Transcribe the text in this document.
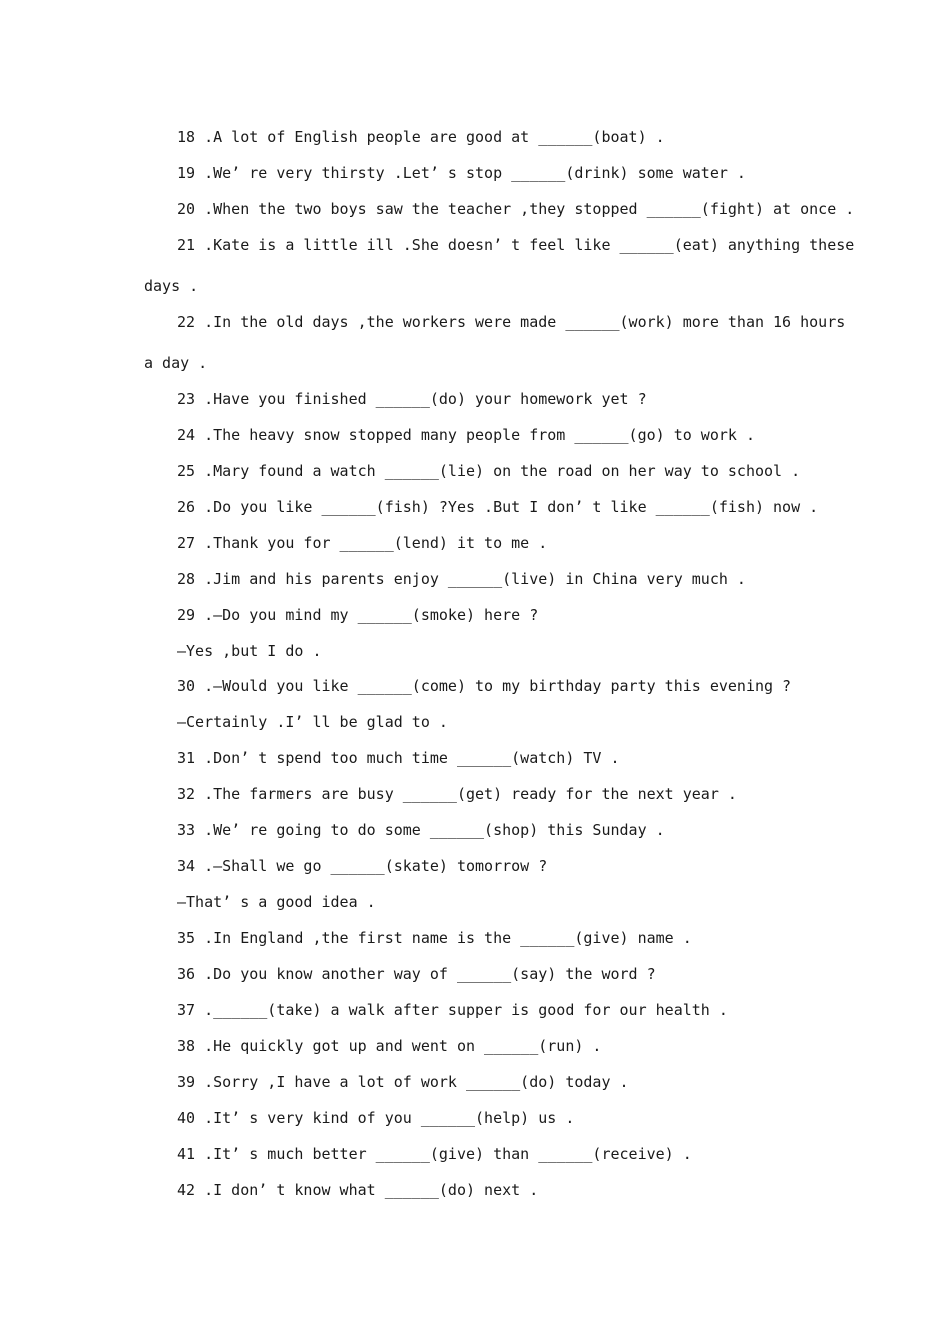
18 .A lot of English people are good at ______(boat) .
19 .We’ re very thirsty .Let’ s stop ______(drink) some water .
20 .When the two boys saw the teacher ,they stopped ______(fight) at once .
21 .Kate is a little ill .She doesn’ t feel like ______(eat) anything these
days .
22 .In the old days ,the workers were made ______(work) more than 16 hours
a day .
23 .Have you finished ______(do) your homework yet ?
24 .The heavy snow stopped many people from ______(go) to work .
25 .Mary found a watch ______(lie) on the road on her way to school .
26 .Do you like ______(fish) ?Yes .But I don’ t like ______(fish) now .
27 .Thank you for ______(lend) it to me .
28 .Jim and his parents enjoy ______(live) in China very much .
29 .—Do you mind my ______(smoke) here ?
—Yes ,but I do .
30 .—Would you like ______(come) to my birthday party this evening ?
—Certainly .I’ ll be glad to .
31 .Don’ t spend too much time ______(watch) TV .
32 .The farmers are busy ______(get) ready for the next year .
33 .We’ re going to do some ______(shop) this Sunday .
34 .—Shall we go ______(skate) tomorrow ?
—That’ s a good idea .
35 .In England ,the first name is the ______(give) name .
36 .Do you know another way of ______(say) the word ?
37 .______(take) a walk after supper is good for our health .
38 .He quickly got up and went on ______(run) .
39 .Sorry ,I have a lot of work ______(do) today .
40 .It’ s very kind of you ______(help) us .
41 .It’ s much better ______(give) than ______(receive) .
42 .I don’ t know what ______(do) next .
